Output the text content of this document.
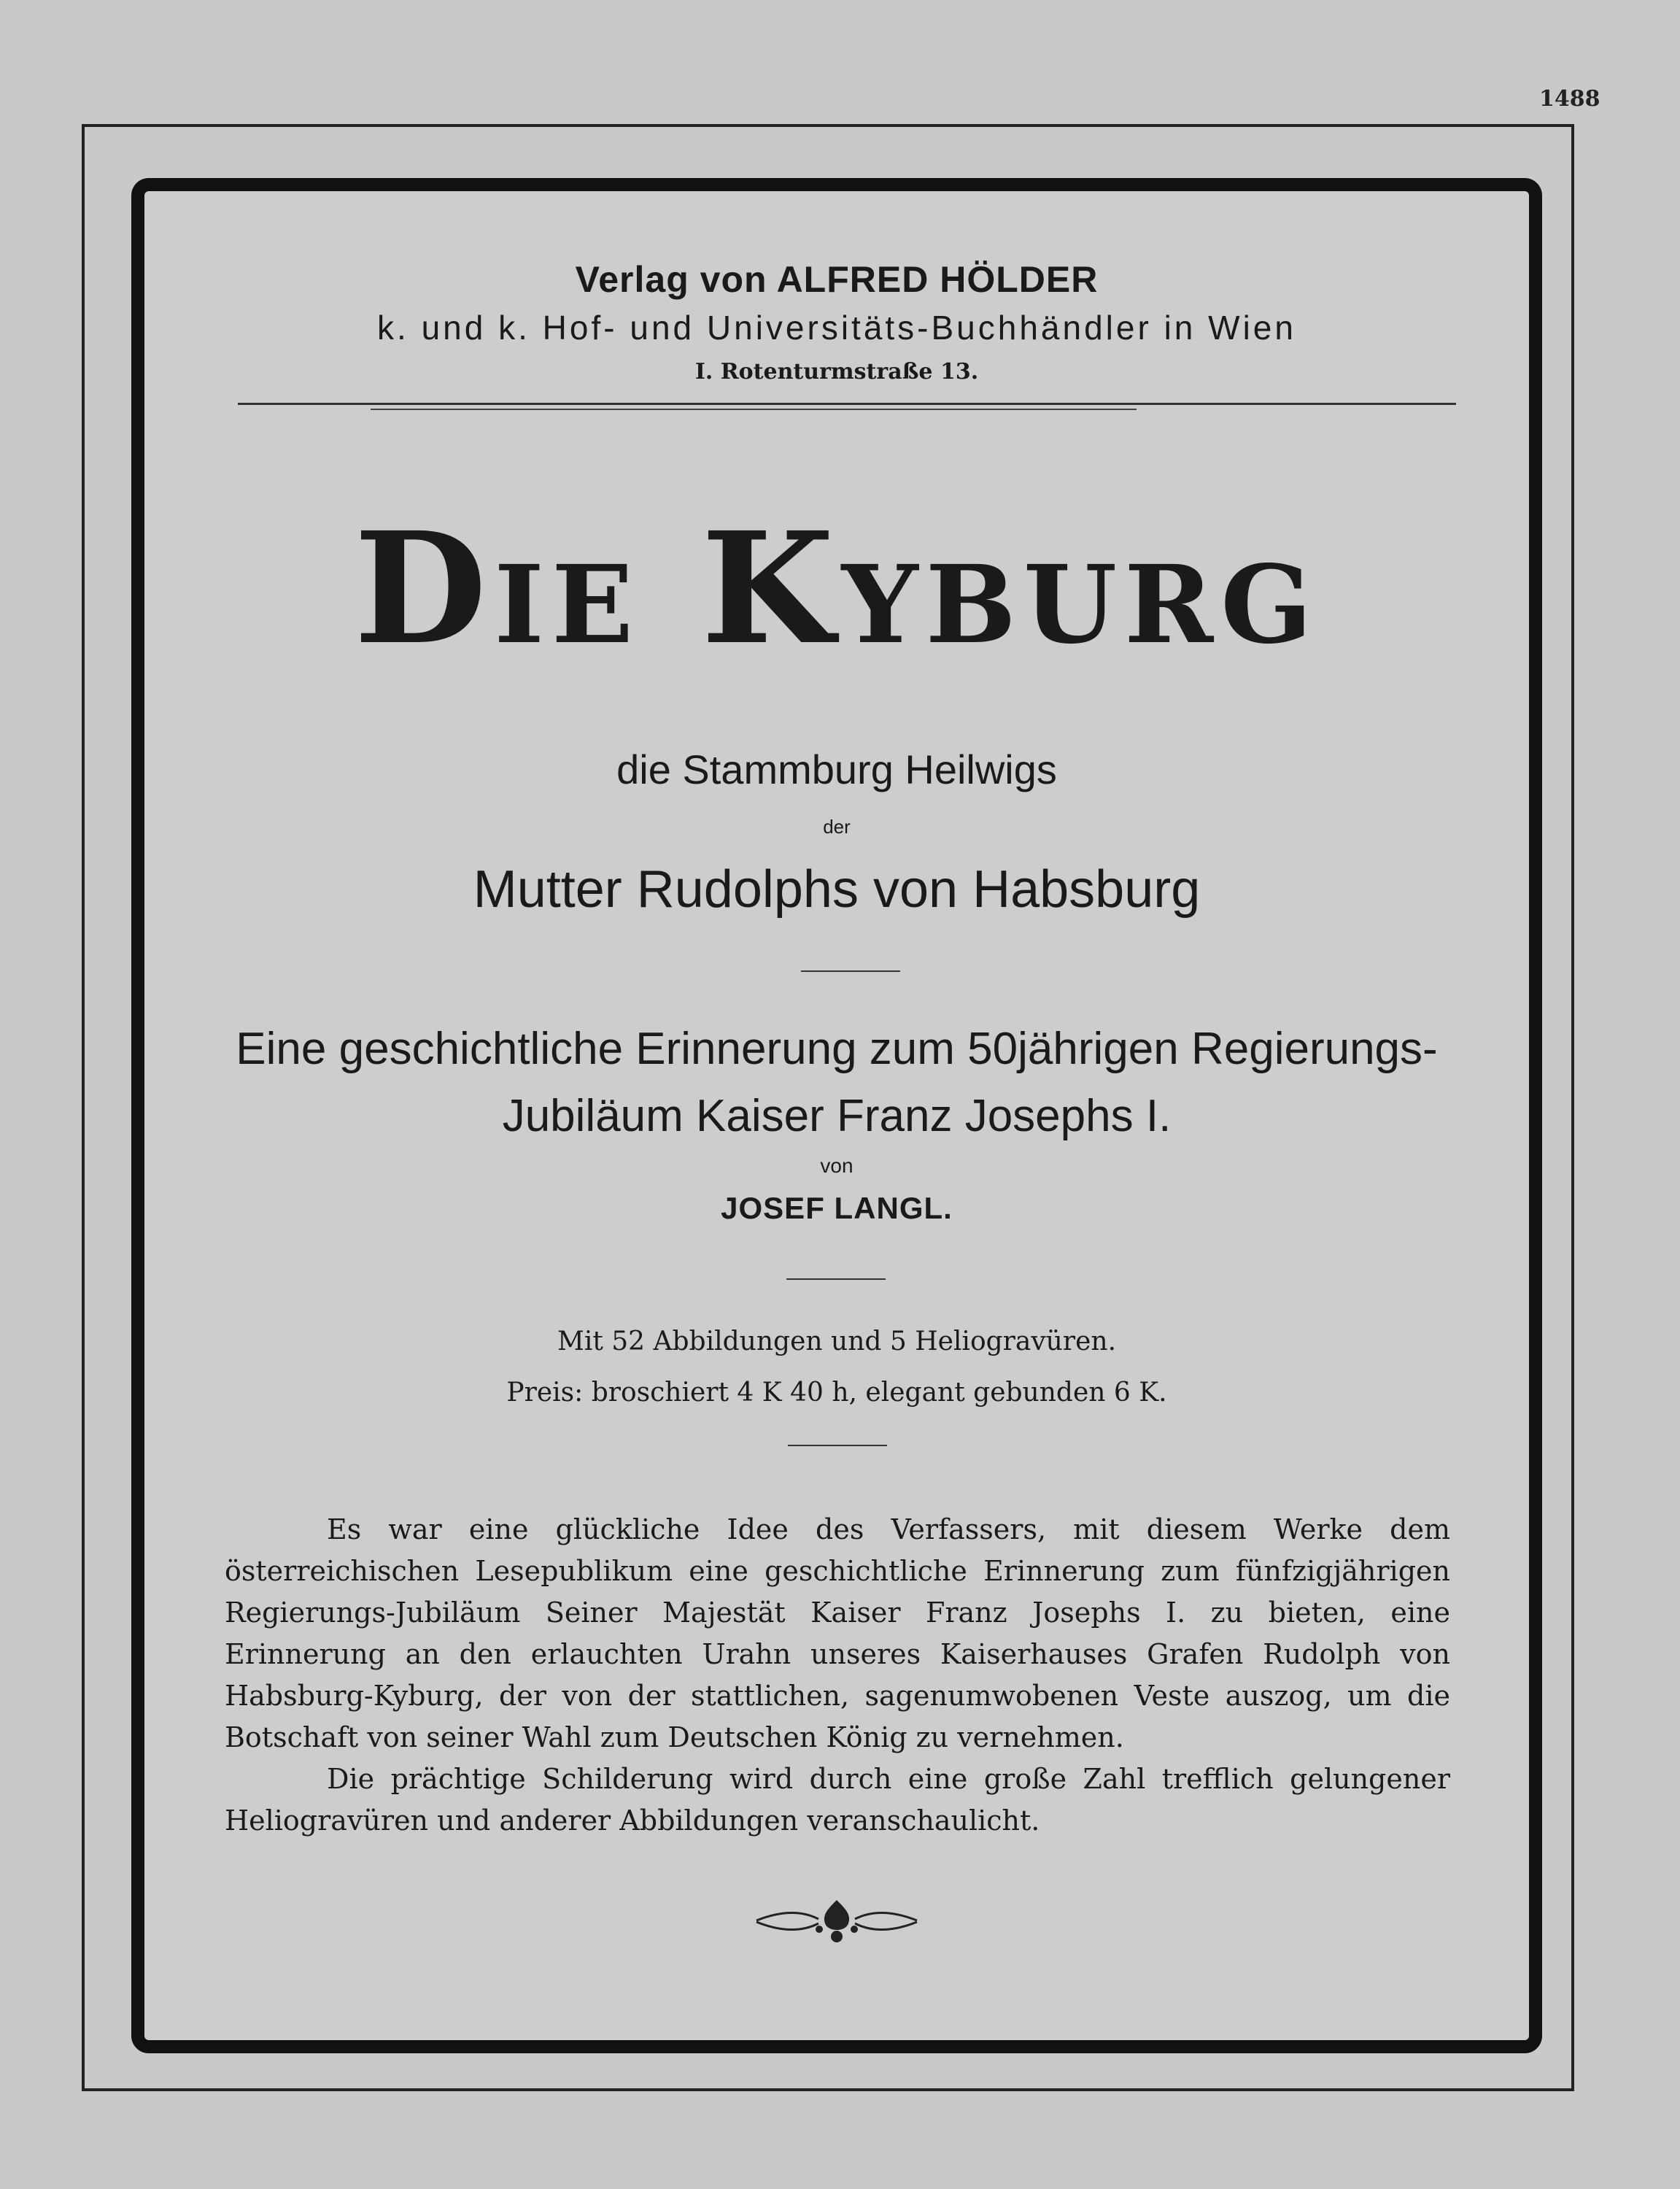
1488
Verlag von ALFRED HÖLDER
k. und k. Hof- und Universitäts-Buchhändler in Wien
I. Rotenturmstraße 13.
Die Kyburg
die Stammburg Heilwigs
der
Mutter Rudolphs von Habsburg
Eine geschichtliche Erinnerung zum 50jährigen Regierungs-
Jubiläum Kaiser Franz Josephs I.
von
JOSEF LANGL.
Mit 52 Abbildungen und 5 Heliogravüren.
Preis: broschiert 4 K 40 h, elegant gebunden 6 K.

Es war eine glückliche Idee des Verfassers, mit diesem Werke dem österreichischen Lesepublikum eine geschichtliche Erinnerung zum fünfzigjährigen Regierungs-Jubiläum Seiner Majestät Kaiser Franz Josephs I. zu bieten, eine Erinnerung an den erlauchten Urahn unseres Kaiserhauses Grafen Rudolph von Habsburg-Kyburg, der von der stattlichen, sagenumwobenen Veste auszog, um die Botschaft von seiner Wahl zum Deutschen König zu vernehmen.

Die prächtige Schilderung wird durch eine große Zahl trefflich gelungener Heliogravüren und anderer Abbildungen veranschaulicht.
